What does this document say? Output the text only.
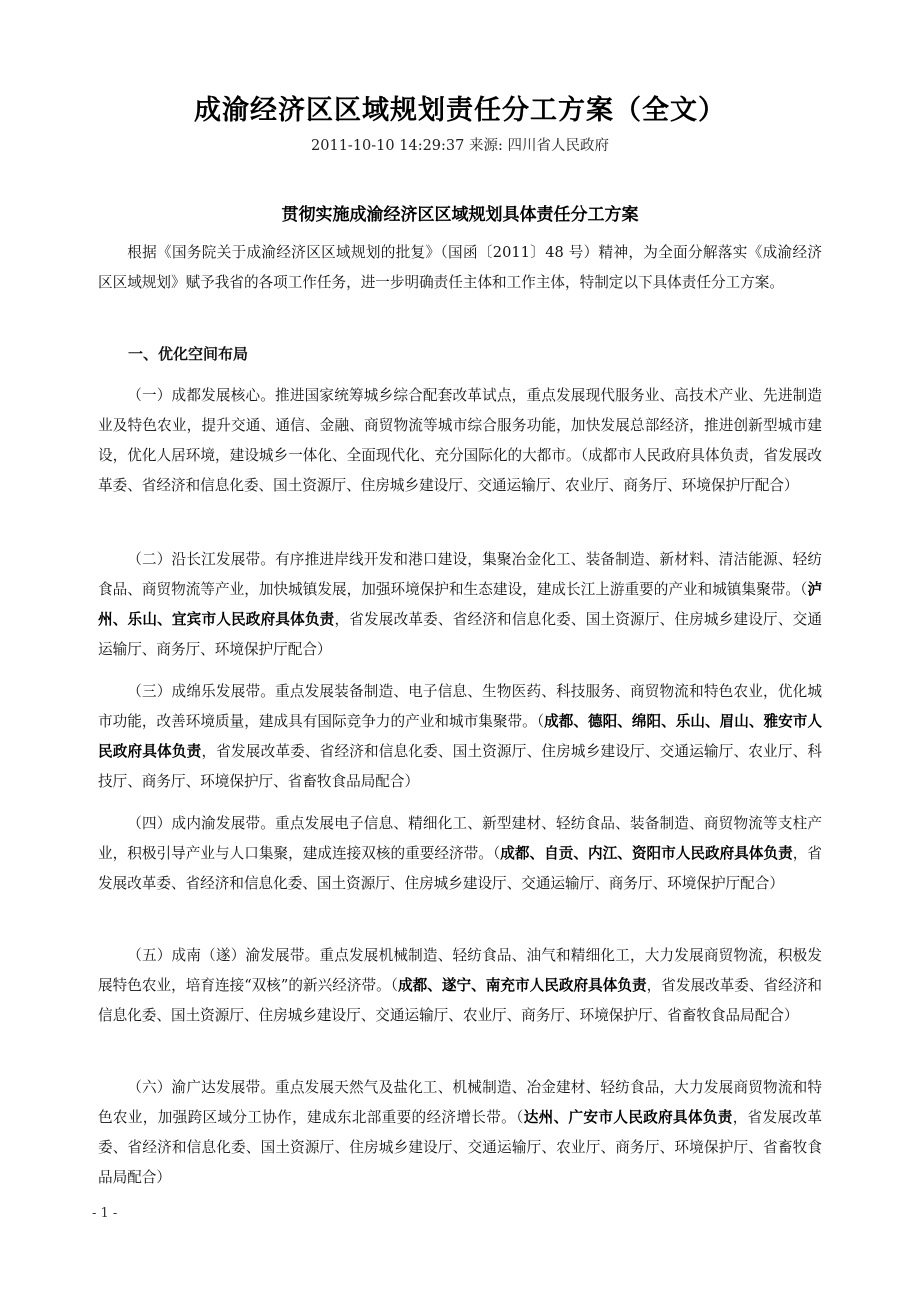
成渝经济区区域规划责任分工方案（全文）
2011-10-10 14:29:37 来源: 四川省人民政府
贯彻实施成渝经济区区域规划具体责任分工方案

根据《国务院关于成渝经济区区域规划的批复》（国函〔2011〕48 号）精神，为全面分解落实《成渝经济区区域规划》赋予我省的各项工作任务，进一步明确责任主体和工作主体，特制定以下具体责任分工方案。

一、优化空间布局

（一）成都发展核心。推进国家统筹城乡综合配套改革试点，重点发展现代服务业、高技术产业、先进制造业及特色农业，提升交通、通信、金融、商贸物流等城市综合服务功能，加快发展总部经济，推进创新型城市建设，优化人居环境，建设城乡一体化、全面现代化、充分国际化的大都市。（成都市人民政府具体负责，省发展改革委、省经济和信息化委、国土资源厅、住房城乡建设厅、交通运输厅、农业厅、商务厅、环境保护厅配合）

（二）沿长江发展带。有序推进岸线开发和港口建设，集聚冶金化工、装备制造、新材料、清洁能源、轻纺食品、商贸物流等产业，加快城镇发展，加强环境保护和生态建设，建成长江上游重要的产业和城镇集聚带。（泸州、乐山、宜宾市人民政府具体负责，省发展改革委、省经济和信息化委、国土资源厅、住房城乡建设厅、交通运输厅、商务厅、环境保护厅配合）

（三）成绵乐发展带。重点发展装备制造、电子信息、生物医药、科技服务、商贸物流和特色农业，优化城市功能，改善环境质量，建成具有国际竞争力的产业和城市集聚带。（成都、德阳、绵阳、乐山、眉山、雅安市人民政府具体负责，省发展改革委、省经济和信息化委、国土资源厅、住房城乡建设厅、交通运输厅、农业厅、科技厅、商务厅、环境保护厅、省畜牧食品局配合）

（四）成内渝发展带。重点发展电子信息、精细化工、新型建材、轻纺食品、装备制造、商贸物流等支柱产业，积极引导产业与人口集聚，建成连接双核的重要经济带。（成都、自贡、内江、资阳市人民政府具体负责，省发展改革委、省经济和信息化委、国土资源厅、住房城乡建设厅、交通运输厅、商务厅、环境保护厅配合）

（五）成南（遂）渝发展带。重点发展机械制造、轻纺食品、油气和精细化工，大力发展商贸物流，积极发展特色农业，培育连接“双核”的新兴经济带。（成都、遂宁、南充市人民政府具体负责，省发展改革委、省经济和信息化委、国土资源厅、住房城乡建设厅、交通运输厅、农业厅、商务厅、环境保护厅、省畜牧食品局配合）

（六）渝广达发展带。重点发展天然气及盐化工、机械制造、冶金建材、轻纺食品，大力发展商贸物流和特色农业，加强跨区域分工协作，建成东北部重要的经济增长带。（达州、广安市人民政府具体负责，省发展改革委、省经济和信息化委、国土资源厅、住房城乡建设厅、交通运输厅、农业厅、商务厅、环境保护厅、省畜牧食品局配合）

- 1 -
